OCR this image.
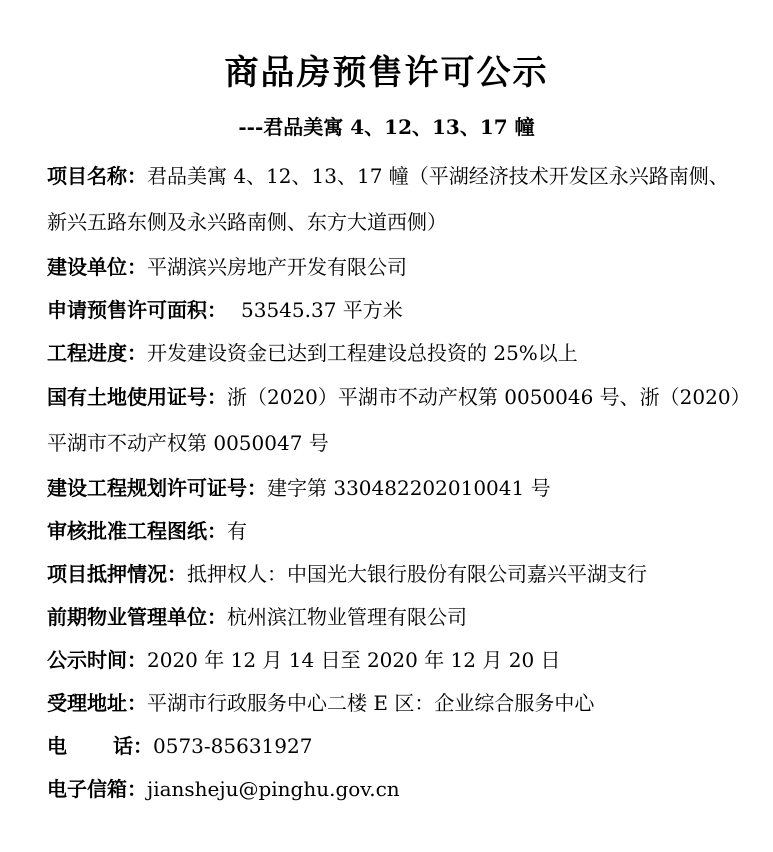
商品房预售许可公示
---君品美寓 4、12、13、17 幢
项目名称：君品美寓 4、12、13、17 幢（平湖经济技术开发区永兴路南侧、新兴五路东侧及永兴路南侧、东方大道西侧）
建设单位：平湖滨兴房地产开发有限公司
申请预售许可面积： 53545.37 平方米
工程进度：开发建设资金已达到工程建设总投资的 25%以上
国有土地使用证号：浙（2020）平湖市不动产权第 0050046 号、浙（2020）平湖市不动产权第 0050047 号
建设工程规划许可证号：建字第 330482202010041 号
审核批准工程图纸：有
项目抵押情况：抵押权人：中国光大银行股份有限公司嘉兴平湖支行
前期物业管理单位：杭州滨江物业管理有限公司
公示时间：2020 年 12 月 14 日至 2020 年 12 月 20 日
受理地址：平湖市行政服务中心二楼 E 区：企业综合服务中心
电 话：0573-85631927
电子信箱：jiansheju@pinghu.gov.cn
